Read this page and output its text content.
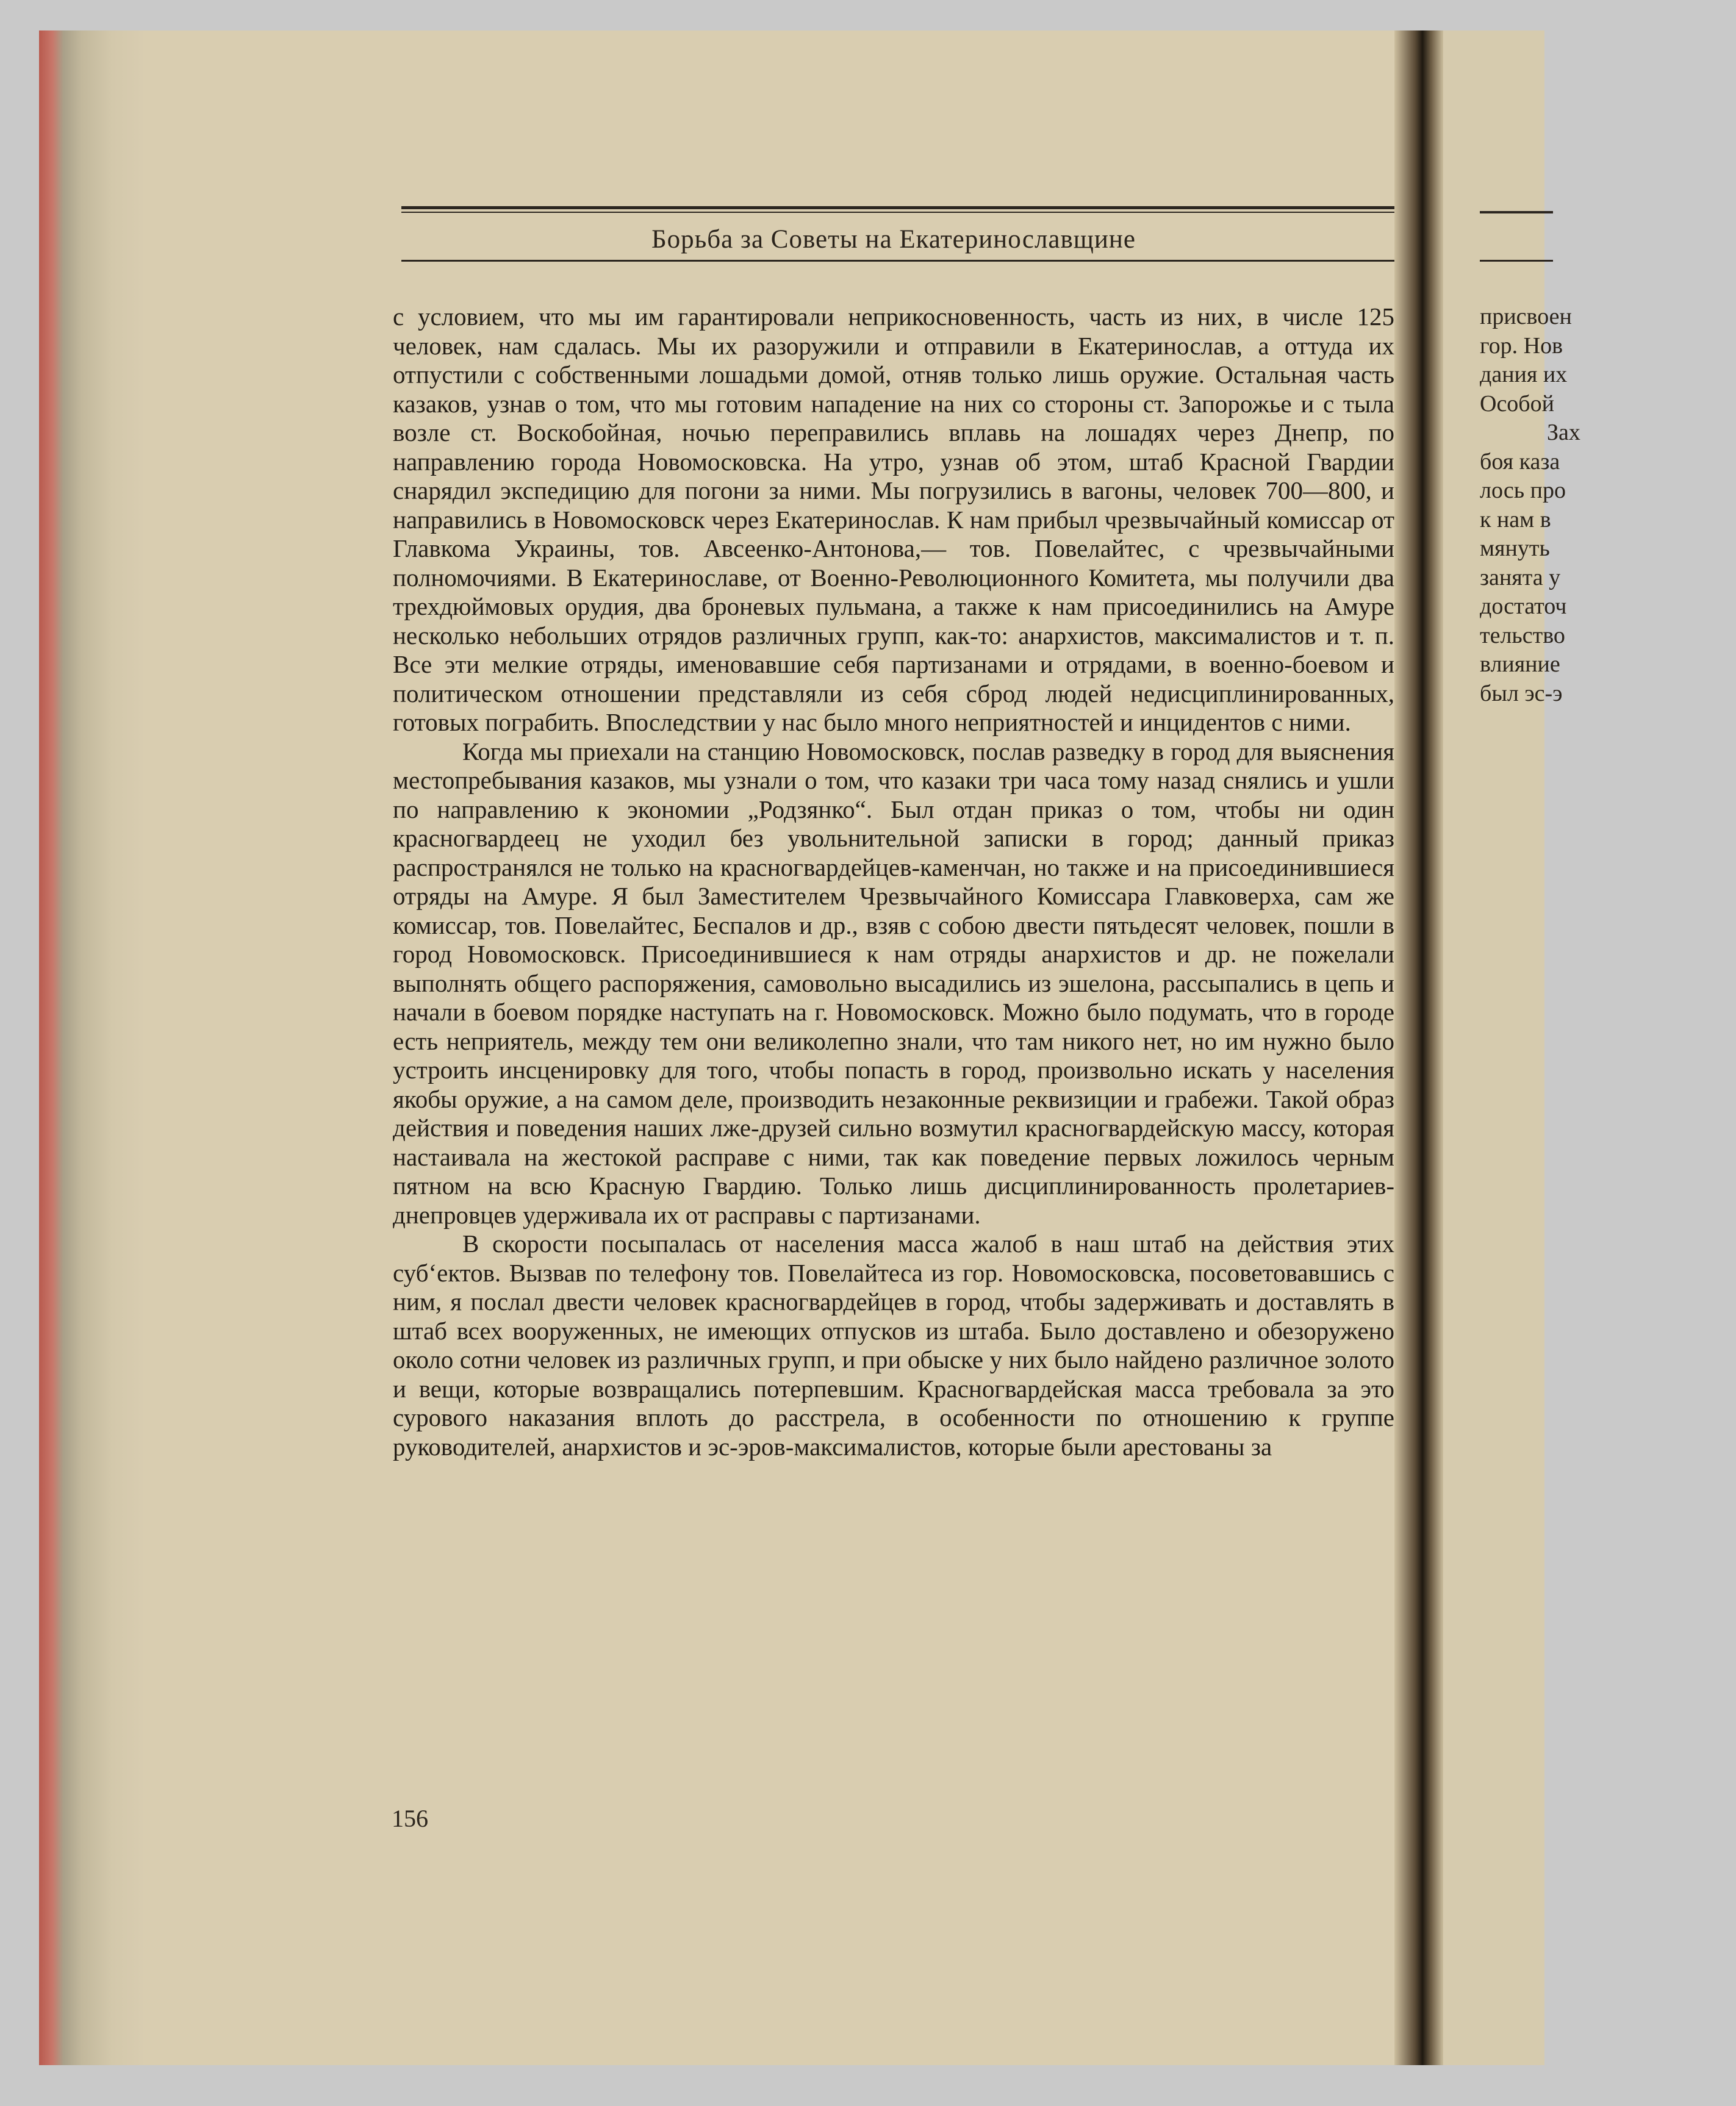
Борьба за Советы на Екатеринославщине

с условием, что мы им гарантировали неприкосновенность, часть из них, в числе 125 человек, нам сдалась. Мы их разоружили и отправили в Екатеринослав, а оттуда их отпустили с собственными лошадьми домой, отняв только лишь оружие. Остальная часть казаков, узнав о том, что мы готовим нападение на них со стороны ст. Запорожье и с тыла возле ст. Воскобойная, ночью переправились вплавь на лошадях через Днепр, по направлению города Новомосковска. На утро, узнав об этом, штаб Красной Гвардии снарядил экспедицию для погони за ними. Мы погрузились в вагоны, человек 700—800, и направились в Новомосковск через Екатеринослав. К нам прибыл чрезвычайный комиссар от Главкома Украины, тов. Авсеенко-Антонова,— тов. Повелайтес, с чрезвычайными полномочиями. В Екатеринославе, от Военно-Революционного Комитета, мы получили два трехдюймовых орудия, два броневых пульмана, а также к нам присоединились на Амуре несколько небольших отрядов различных групп, как-то: анархистов, максималистов и т. п. Все эти мелкие отряды, именовавшие себя партизанами и отрядами, в военно-боевом и политическом отношении представляли из себя сброд людей недисциплинированных, готовых пограбить. Впоследствии у нас было много неприятностей и инцидентов с ними.

Когда мы приехали на станцию Новомосковск, послав разведку в город для выяснения местопребывания казаков, мы узнали о том, что казаки три часа тому назад снялись и ушли по направлению к экономии „Родзянко“. Был отдан приказ о том, чтобы ни один красногвардеец не уходил без увольнительной записки в город; данный приказ распространялся не только на красногвардейцев-каменчан, но также и на присоединившиеся отряды на Амуре. Я был Заместителем Чрезвычайного Комиссара Главковерха, сам же комиссар, тов. Повелайтес, Беспалов и др., взяв с собою двести пятьдесят человек, пошли в город Новомосковск. Присоединившиеся к нам отряды анархистов и др. не пожелали выполнять общего распоряжения, самовольно высадились из эшелона, рассыпались в цепь и начали в боевом порядке наступать на г. Новомосковск. Можно было подумать, что в городе есть неприятель, между тем они великолепно знали, что там никого нет, но им нужно было устроить инсценировку для того, чтобы попасть в город, произвольно искать у населения якобы оружие, а на самом деле, производить незаконные реквизиции и грабежи. Такой образ действия и поведения наших лже-друзей сильно возмутил красногвардейскую массу, которая настаивала на жестокой расправе с ними, так как поведение первых ложилось черным пятном на всю Красную Гвардию. Только лишь дисциплинированность пролетариев-днепровцев удерживала их от расправы с партизанами.

В скорости посыпалась от населения масса жалоб в наш штаб на действия этих суб‘ектов. Вызвав по телефону тов. Повелайтеса из гор. Новомосковска, посоветовавшись с ним, я послал двести человек красногвардейцев в город, чтобы задерживать и доставлять в штаб всех вооруженных, не имеющих отпусков из штаба. Было доставлено и обезоружено около сотни человек из различных групп, и при обыске у них было найдено различное золото и вещи, которые возвращались потерпевшим. Красногвардейская масса требовала за это сурового наказания вплоть до расстрела, в особенности по отношению к группе руководителей, анархистов и эс-эров-максималистов, которые были арестованы за

156
присвоен
гор. Нов
дания их
Особой
Зах
боя каза
лось про
к нам в
мянуть
занята у
достаточ
тельство
влияние
был эс-э
